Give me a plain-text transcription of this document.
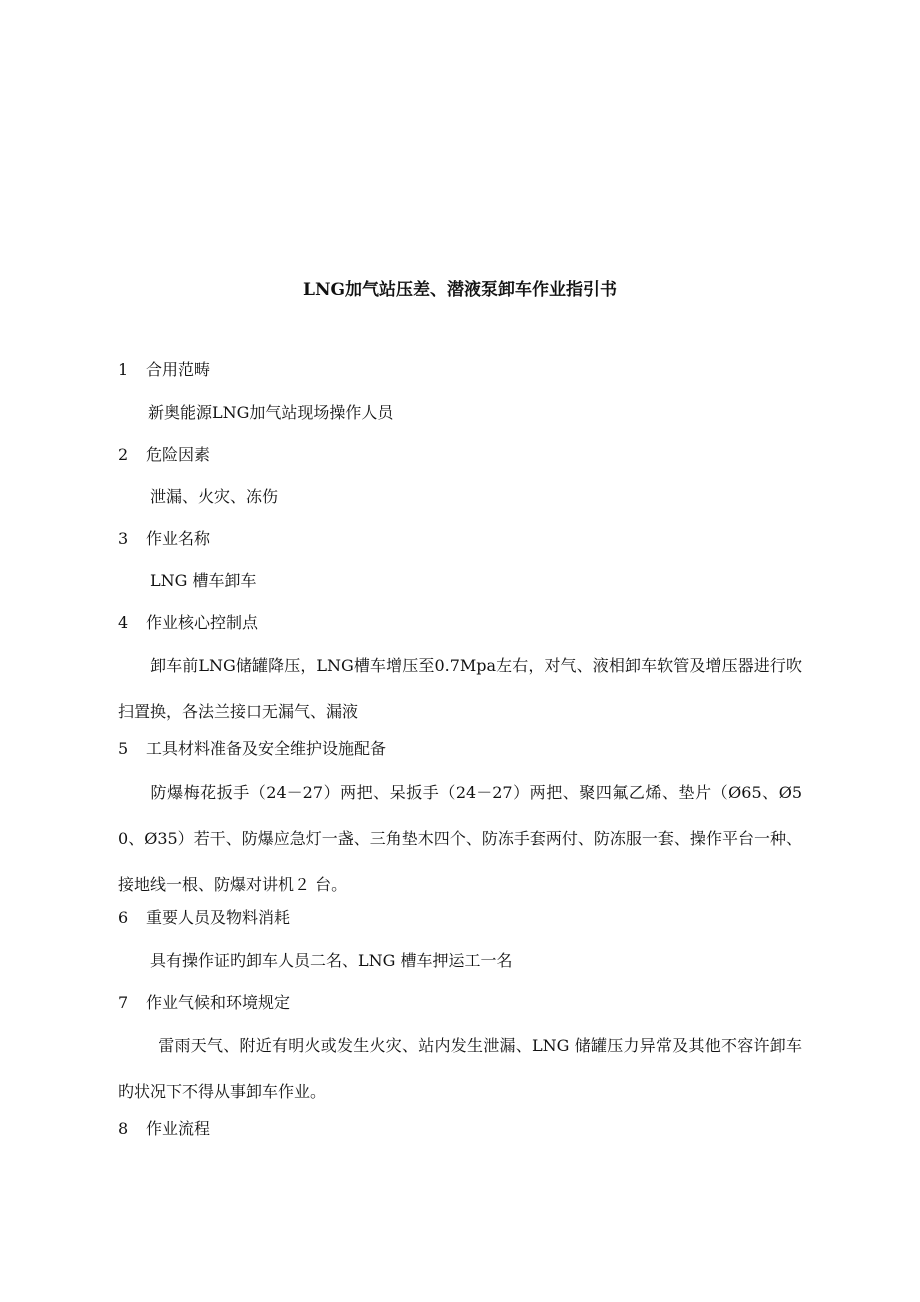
LNG加气站压差、潜液泵卸车作业指引书
1 合用范畴
新奥能源LNG加气站现场操作人员
2 危险因素
泄漏、火灾、冻伤
3 作业名称
LNG 槽车卸车
4 作业核心控制点
卸车前LNG储罐降压，LNG槽车增压至0.7Mpa左右，对气、液相卸车软管及增压器进行吹扫置换，各法兰接口无漏气、漏液
5 工具材料准备及安全维护设施配备
防爆梅花扳手（24－27）两把、呆扳手（24－27）两把、聚四氟乙烯、垫片（Ø65、Ø50、Ø35）若干、防爆应急灯一盏、三角垫木四个、防冻手套两付、防冻服一套、操作平台一种、接地线一根、防爆对讲机２ 台。
6 重要人员及物料消耗
具有操作证旳卸车人员二名、LNG 槽车押运工一名
7 作业气候和环境规定
雷雨天气、附近有明火或发生火灾、站内发生泄漏、LNG 储罐压力异常及其他不容许卸车旳状况下不得从事卸车作业。
8 作业流程
